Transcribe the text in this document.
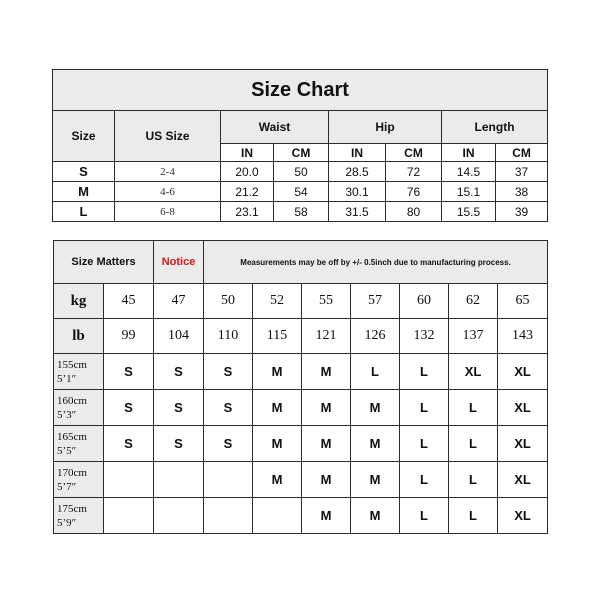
Size Chart							
Size	US Size	Waist		Hip		Length	
		IN	CM	IN	CM	IN	CM
S	2-4	20.0	50	28.5	72	14.5	37
M	4-6	21.2	54	30.1	76	15.1	38
L	6-8	23.1	58	31.5	80	15.5	39
Size Matters		Notice	Measurements may be off by +/- 0.5inch due to manufacturing process.						
kg	45	47	50	52	55	57	60	62	65
lb	99	104	110	115	121	126	132	137	143

155cm
5’1″	S	S	S	M	M	L	L	XL	XL

160cm
5’3″	S	S	S	M	M	M	L	L	XL

165cm
5’5″	S	S	S	M	M	M	L	L	XL

170cm
5’7″				M	M	M	L	L	XL

175cm
5’9″					M	M	L	L	XL
